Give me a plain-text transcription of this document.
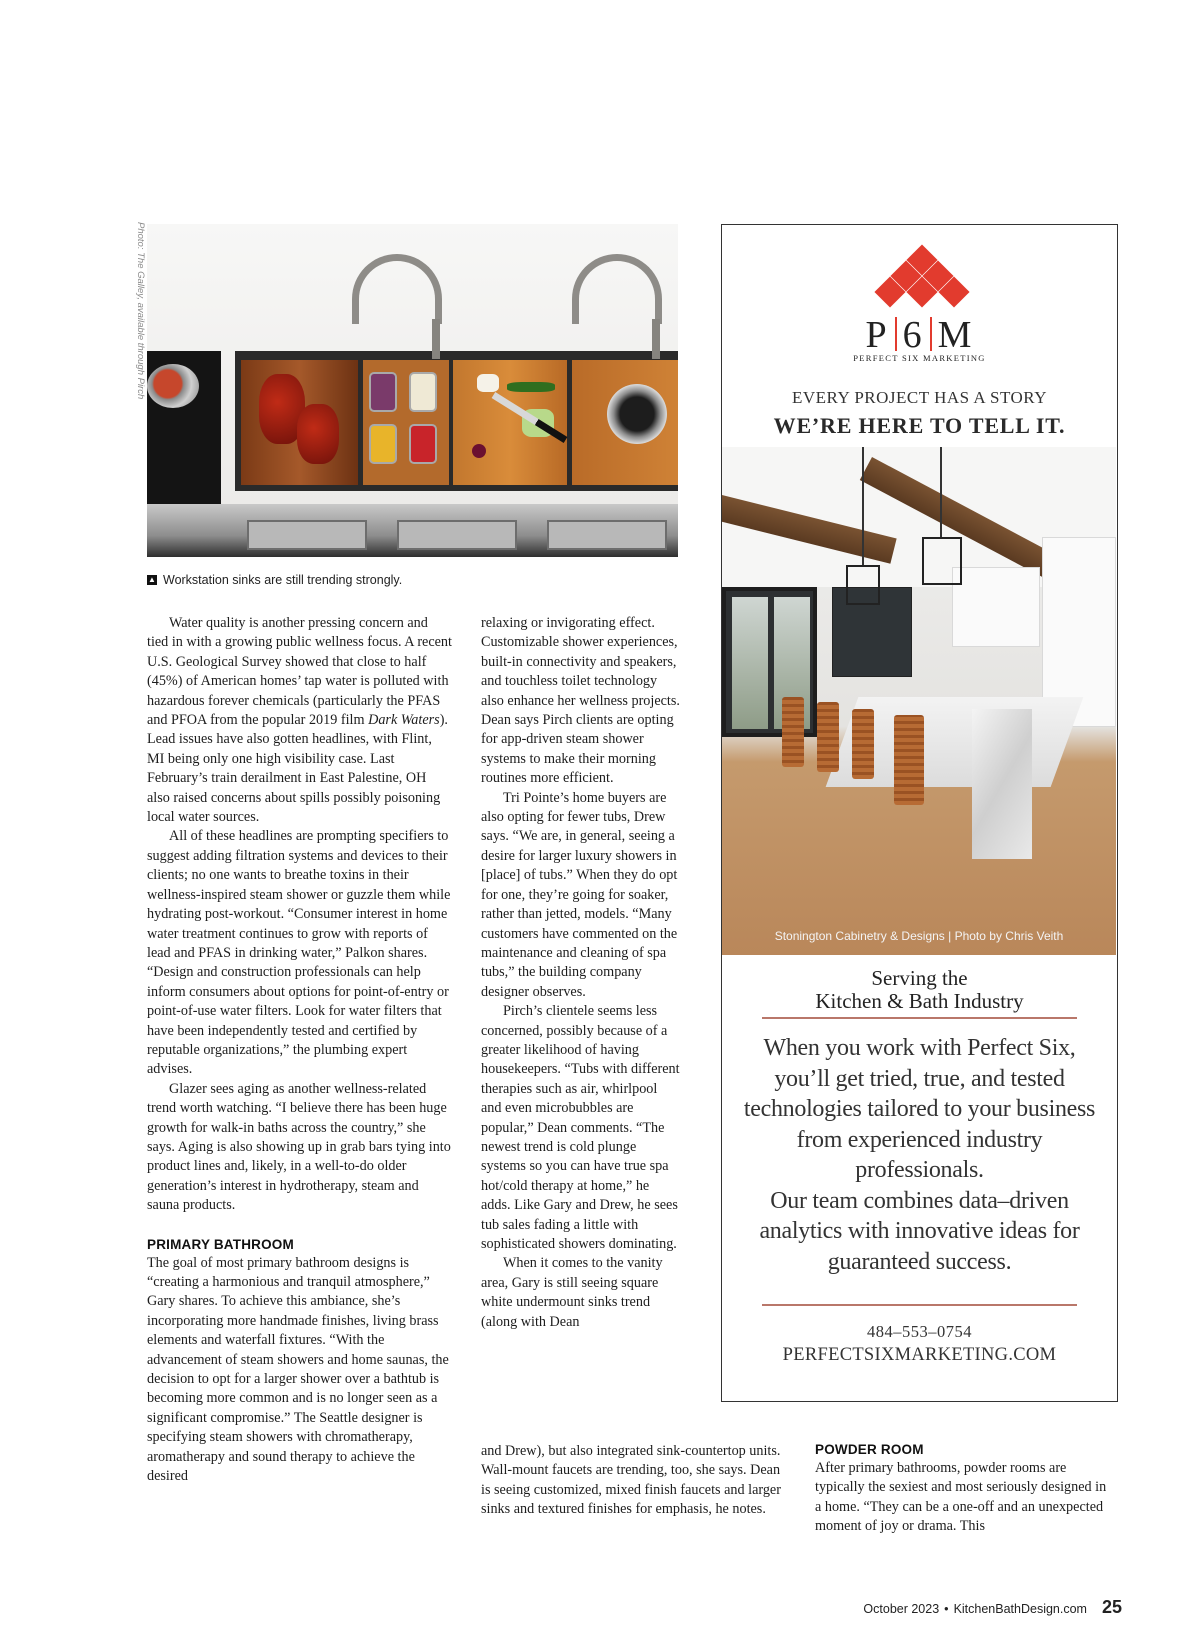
Photo: The Galley, available through Pirch
▲ Workstation sinks are still trending strongly.

Water quality is another pressing concern and tied in with a growing public wellness focus. A recent U.S. Geological Survey showed that close to half (45%) of American homes’ tap water is polluted with hazardous forever chemicals (particularly the PFAS and PFOA from the popular 2019 film Dark Waters). Lead issues have also gotten headlines, with Flint, MI being only one high visibility case. Last February’s train derailment in East Palestine, OH also raised concerns about spills possibly poisoning local water sources.

All of these headlines are prompting specifiers to suggest adding filtration systems and devices to their clients; no one wants to breathe toxins in their wellness-inspired steam shower or guzzle them while hydrating post-workout. “Consumer interest in home water treatment continues to grow with reports of lead and PFAS in drinking water,” Palkon shares. “Design and construction professionals can help inform consumers about options for point-of-entry or point-of-use water filters. Look for water filters that have been independently tested and certified by reputable organizations,” the plumbing expert advises.

Glazer sees aging as another wellness-related trend worth watching. “I believe there has been huge growth for walk-in baths across the country,” she says. Aging is also showing up in grab bars tying into product lines and, likely, in a well-to-do older generation’s interest in hydrotherapy, steam and sauna products.

PRIMARY BATHROOM

The goal of most primary bathroom designs is “creating a harmonious and tranquil atmosphere,” Gary shares. To achieve this ambiance, she’s incorporating more handmade finishes, living brass elements and waterfall fixtures. “With the advancement of steam showers and home saunas, the decision to opt for a larger shower over a bathtub is becoming more common and is no longer seen as a significant compromise.” The Seattle designer is specifying steam showers with chromatherapy, aromatherapy and sound therapy to achieve the desired

relaxing or invigorating effect. Customizable shower experiences, built-in connectivity and speakers, and touchless toilet technology also enhance her wellness projects. Dean says Pirch clients are opting for app-driven steam shower systems to make their morning routines more efficient.

Tri Pointe’s home buyers are also opting for fewer tubs, Drew says. “We are, in general, seeing a desire for larger luxury showers in [place] of tubs.” When they do opt for one, they’re going for soaker, rather than jetted, models. “Many customers have commented on the maintenance and cleaning of spa tubs,” the building company designer observes.

Pirch’s clientele seems less concerned, possibly because of a greater likelihood of having housekeepers. “Tubs with different therapies such as air, whirlpool and even microbubbles are popular,” Dean comments. “The newest trend is cold plunge systems so you can have true spa hot/cold therapy at home,” he adds. Like Gary and Drew, he sees tub sales fading a little with sophisticated showers dominating.

When it comes to the vanity area, Gary is still seeing square white undermount sinks trend (along with Dean

and Drew), but also integrated sink-countertop units. Wall-mount faucets are trending, too, she says. Dean is seeing customized, mixed finish faucets and larger sinks and textured finishes for emphasis, he notes.

POWDER ROOM

After primary bathrooms, powder rooms are typically the sexiest and most seriously designed in a home. “They can be a one-off and an unexpected moment of joy or drama. This

P 6 M
PERFECT SIX MARKETING
EVERY PROJECT HAS A STORY
WE’RE HERE TO TELL IT.
Stonington Cabinetry & Designs | Photo by Chris Veith
Serving the
Kitchen & Bath Industry
When you work with Perfect Six, you’ll get tried, true, and tested technologies tailored to your business from experienced industry professionals.
Our team combines data–driven analytics with innovative ideas for guaranteed success.
484–553–0754
PERFECTSIXMARKETING.COM
October 2023 • KitchenBathDesign.com 25
